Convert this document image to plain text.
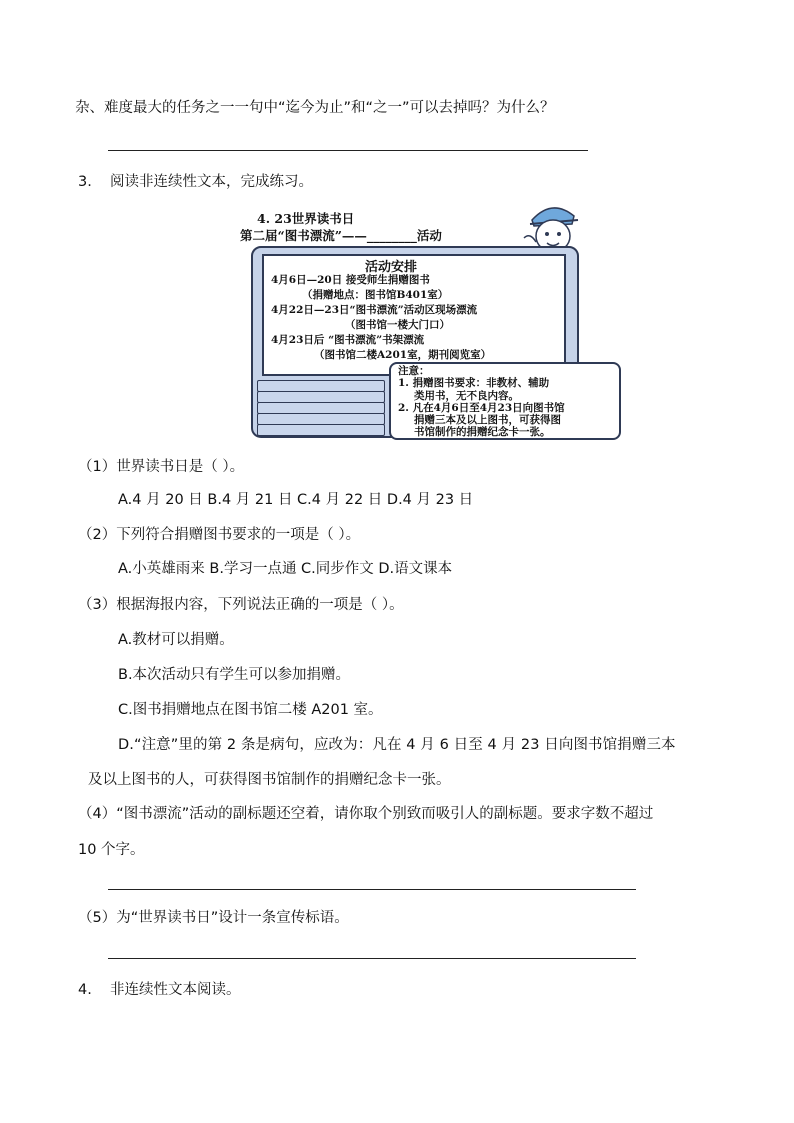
杂、难度最大的任务之一一句中“迄今为止”和“之一”可以去掉吗？为什么？
3. 阅读非连续性文本，完成练习。
4. 23世界读书日
第二届“图书漂流”——________活动
活动安排
4月6日—20日 接受师生捐赠图书
（捐赠地点：图书馆B401室）
4月22日—23日“图书漂流”活动区现场漂流
（图书馆一楼大门口）
4月23日后 “图书漂流”书架漂流
（图书馆二楼A201室，期刊阅览室）
注意：
1. 捐赠图书要求：非教材、辅助
类用书，无不良内容。
2. 凡在4月6日至4月23日向图书馆
捐赠三本及以上图书，可获得图
书馆制作的捐赠纪念卡一张。
（1）世界读书日是（ ）。
A.4 月 20 日 B.4 月 21 日 C.4 月 22 日 D.4 月 23 日
（2）下列符合捐赠图书要求的一项是（ ）。
A.小英雄雨来 B.学习一点通 C.同步作文 D.语文课本
（3）根据海报内容，下列说法正确的一项是（ ）。
A.教材可以捐赠。
B.本次活动只有学生可以参加捐赠。
C.图书捐赠地点在图书馆二楼 A201 室。
D.“注意”里的第 2 条是病句，应改为：凡在 4 月 6 日至 4 月 23 日向图书馆捐赠三本
及以上图书的人，可获得图书馆制作的捐赠纪念卡一张。
（4）“图书漂流”活动的副标题还空着，请你取个别致而吸引人的副标题。要求字数不超过
10 个字。
（5）为“世界读书日”设计一条宣传标语。
4. 非连续性文本阅读。
